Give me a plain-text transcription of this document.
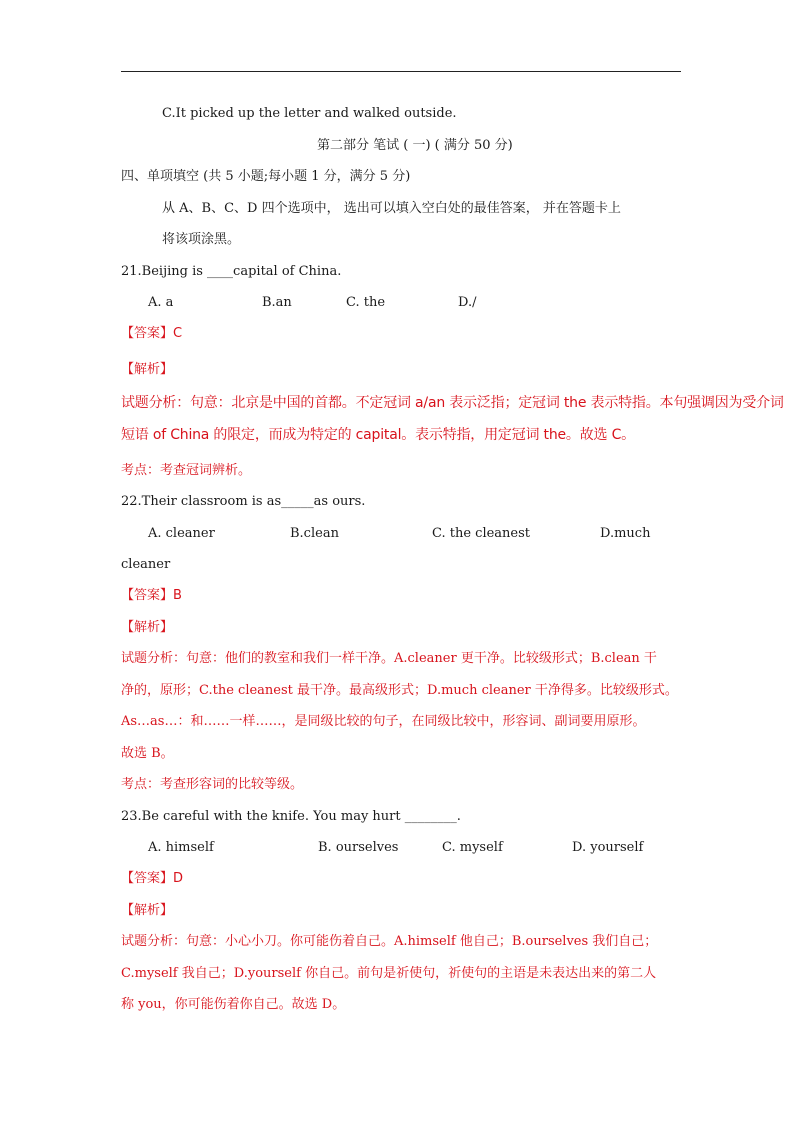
C.It picked up the letter and walked outside.
第二部分 笔试 ( 一) ( 满分 50 分)
四、单项填空 (共 5 小题;每小题 1 分，满分 5 分)
从 A、B、C、D 四个选项中， 选出可以填入空白处的最佳答案， 并在答题卡上
将该项涂黑。
21.Beijing is ____capital of China.
A. a	B.an	C. the	D./
【答案】C
【解析】
试题分析：句意：北京是中国的首都。不定冠词 a/an 表示泛指；定冠词 the 表示特指。本句强调因为受介词
短语 of China 的限定，而成为特定的 capital。表示特指，用定冠词 the。故选 C。
考点：考查冠词辨析。
22.Their classroom is as_____as ours.
A. cleaner	B.clean	C. the cleanest	D.much
cleaner
【答案】B
【解析】
试题分析：句意：他们的教室和我们一样干净。A.cleaner 更干净。比较级形式；B.clean 干
净的，原形；C.the cleanest 最干净。最高级形式；D.much cleaner 干净得多。比较级形式。
As…as…：和……一样……，是同级比较的句子，在同级比较中，形容词、副词要用原形。
故选 B。
考点：考查形容词的比较等级。
23.Be careful with the knife. You may hurt ________.
A. himself	B. ourselves	C. myself	D. yourself
【答案】D
【解析】
试题分析：句意：小心小刀。你可能伤着自己。A.himself 他自己；B.ourselves 我们自己；
C.myself 我自己；D.yourself 你自己。前句是祈使句，祈使句的主语是未表达出来的第二人
称 you，你可能伤着你自己。故选 D。
